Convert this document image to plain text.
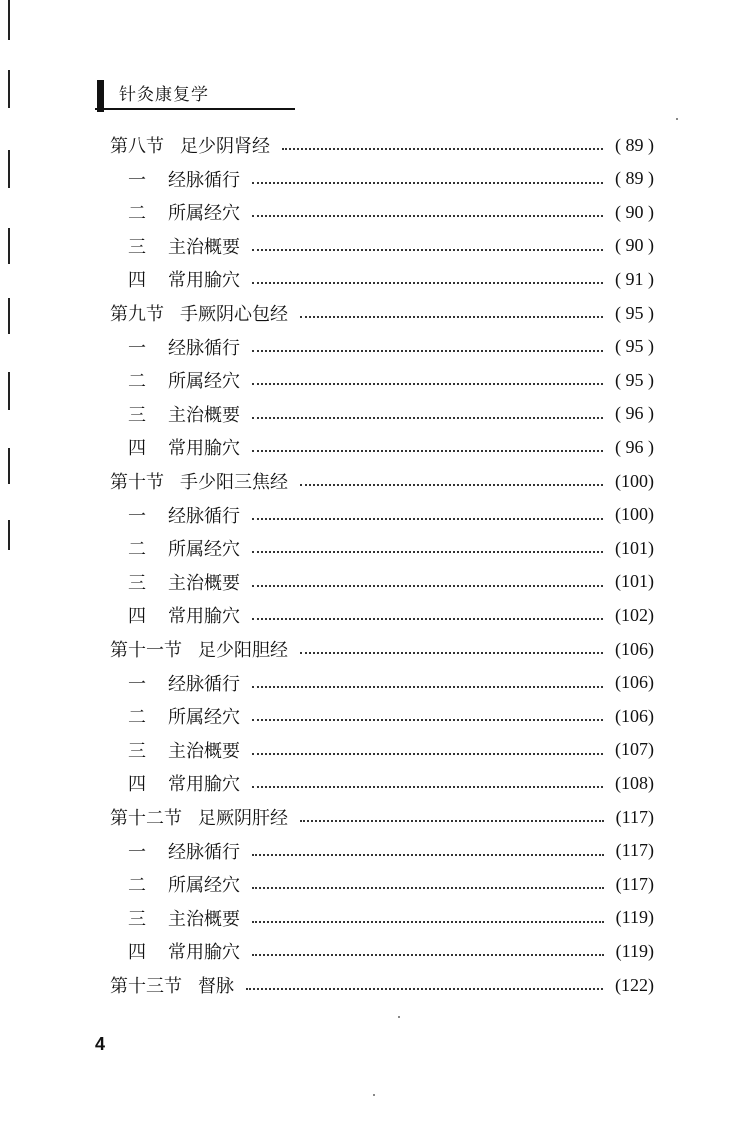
针灸康复学
第八节 足少阴肾经	( 89 )
一 经脉循行	( 89 )
二 所属经穴	( 90 )
三 主治概要	( 90 )
四 常用腧穴	( 91 )
第九节 手厥阴心包经	( 95 )
一 经脉循行	( 95 )
二 所属经穴	( 95 )
三 主治概要	( 96 )
四 常用腧穴	( 96 )
第十节 手少阳三焦经	(100)
一 经脉循行	(100)
二 所属经穴	(101)
三 主治概要	(101)
四 常用腧穴	(102)
第十一节 足少阳胆经	(106)
一 经脉循行	(106)
二 所属经穴	(106)
三 主治概要	(107)
四 常用腧穴	(108)
第十二节 足厥阴肝经	(117)
一 经脉循行	(117)
二 所属经穴	(117)
三 主治概要	(119)
四 常用腧穴	(119)
第十三节 督脉	(122)
4
